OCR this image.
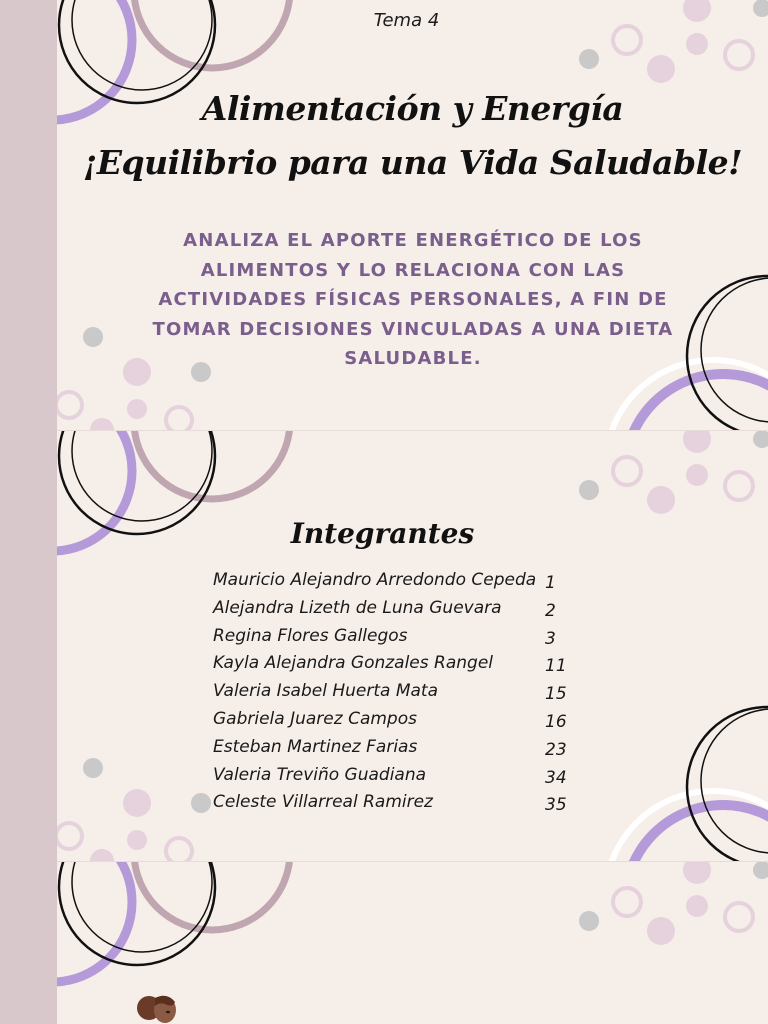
Tema 4
Alimentación y Energía
¡Equilibrio para una Vida Saludable!

ANALIZA EL APORTE ENERGÉTICO DE LOS ALIMENTOS Y LO RELACIONA CON LAS ACTIVIDADES FÍSICAS PERSONALES, A FIN DE TOMAR DECISIONES VINCULADAS A UNA DIETA SALUDABLE.

Integrantes
Mauricio Alejandro Arredondo Cepeda 1
Alejandra Lizeth de Luna Guevara	2
Regina Flores Gallegos	3
Kayla Alejandra Gonzales Rangel	11
Valeria Isabel Huerta Mata	15
Gabriela Juarez Campos	16
Esteban Martinez Farias	23
Valeria Treviño Guadiana	34
Celeste Villarreal Ramirez	35
